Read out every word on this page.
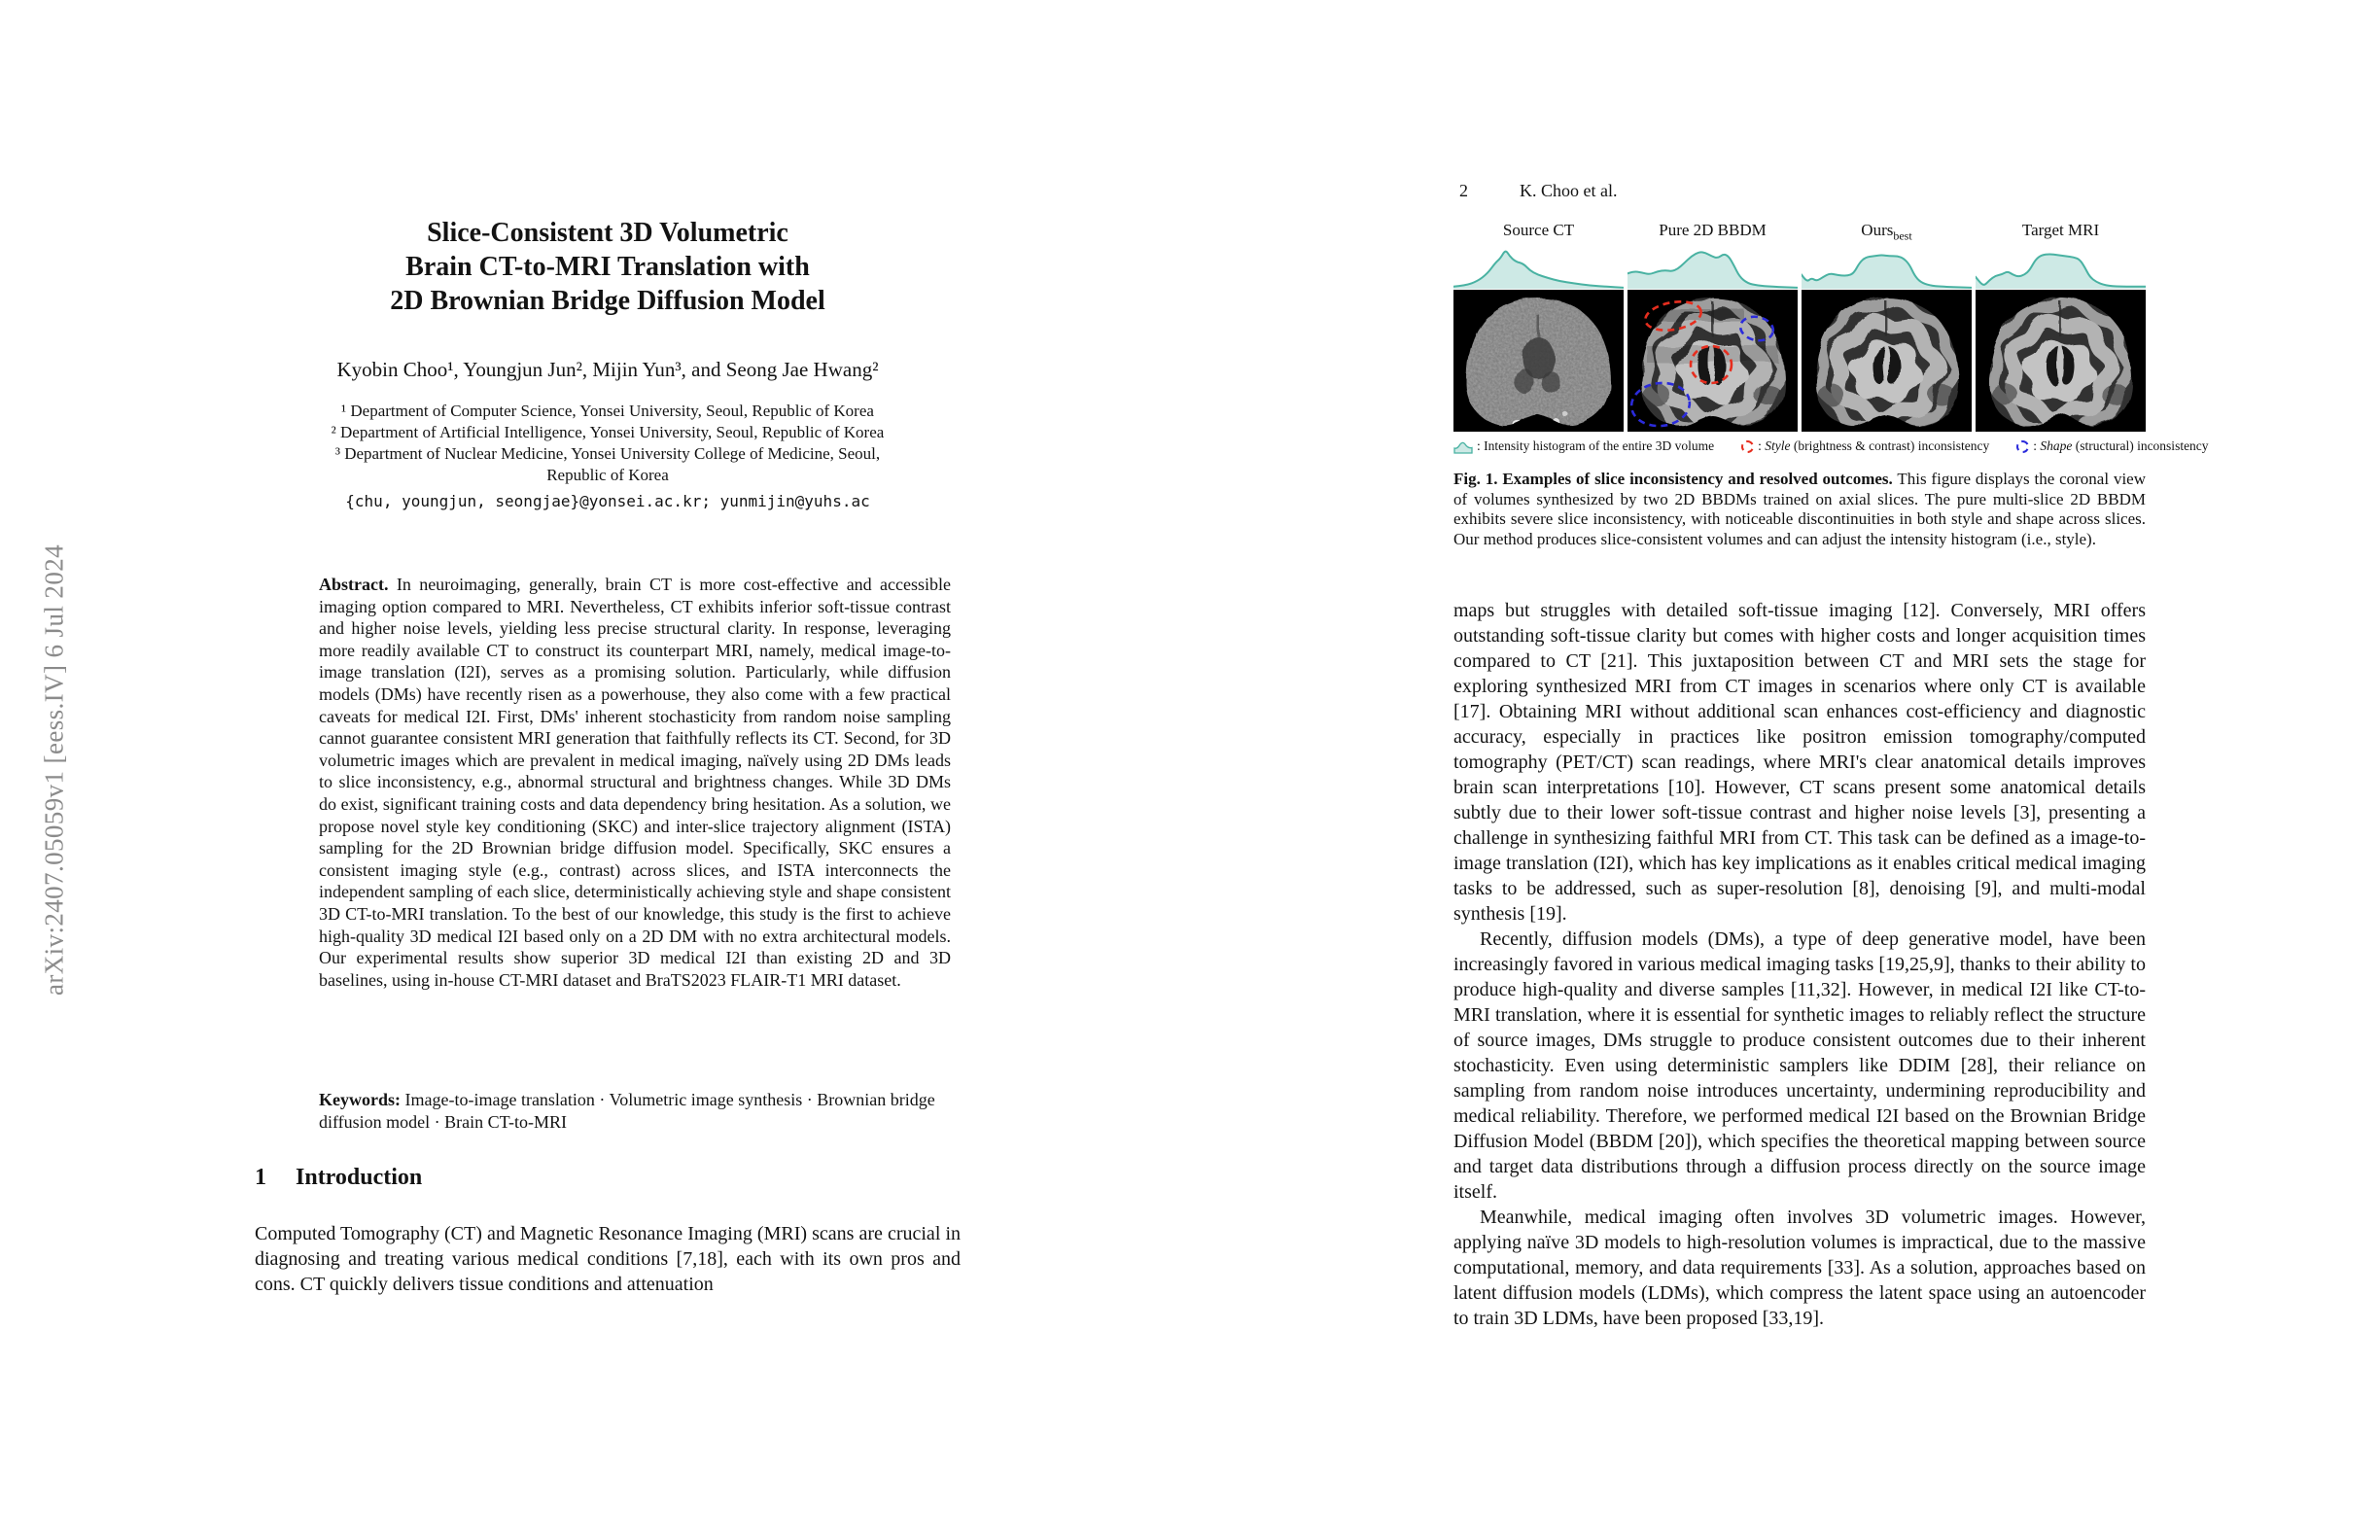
arXiv:2407.05059v1 [eess.IV] 6 Jul 2024
Slice-Consistent 3D Volumetric
Brain CT-to-MRI Translation with
2D Brownian Bridge Diffusion Model
Kyobin Choo¹, Youngjun Jun², Mijin Yun³, and Seong Jae Hwang²
¹ Department of Computer Science, Yonsei University, Seoul, Republic of Korea
² Department of Artificial Intelligence, Yonsei University, Seoul, Republic of Korea
³ Department of Nuclear Medicine, Yonsei University College of Medicine, Seoul,
Republic of Korea
{chu, youngjun, seongjae}@yonsei.ac.kr; yunmijin@yuhs.ac
Abstract. In neuroimaging, generally, brain CT is more cost-effective and accessible imaging option compared to MRI. Nevertheless, CT exhibits inferior soft-tissue contrast and higher noise levels, yielding less precise structural clarity. In response, leveraging more readily available CT to construct its counterpart MRI, namely, medical image-to-image translation (I2I), serves as a promising solution. Particularly, while diffusion models (DMs) have recently risen as a powerhouse, they also come with a few practical caveats for medical I2I. First, DMs' inherent stochasticity from random noise sampling cannot guarantee consistent MRI generation that faithfully reflects its CT. Second, for 3D volumetric images which are prevalent in medical imaging, naïvely using 2D DMs leads to slice inconsistency, e.g., abnormal structural and brightness changes. While 3D DMs do exist, significant training costs and data dependency bring hesitation. As a solution, we propose novel style key conditioning (SKC) and inter-slice trajectory alignment (ISTA) sampling for the 2D Brownian bridge diffusion model. Specifically, SKC ensures a consistent imaging style (e.g., contrast) across slices, and ISTA interconnects the independent sampling of each slice, deterministically achieving style and shape consistent 3D CT-to-MRI translation. To the best of our knowledge, this study is the first to achieve high-quality 3D medical I2I based only on a 2D DM with no extra architectural models. Our experimental results show superior 3D medical I2I than existing 2D and 3D baselines, using in-house CT-MRI dataset and BraTS2023 FLAIR-T1 MRI dataset.
Keywords: Image-to-image translation · Volumetric image synthesis · Brownian bridge diffusion model · Brain CT-to-MRI
1 Introduction
Computed Tomography (CT) and Magnetic Resonance Imaging (MRI) scans are crucial in diagnosing and treating various medical conditions [7,18], each with its own pros and cons. CT quickly delivers tissue conditions and attenuation
2	K. Choo et al.
Source CT	Pure 2D BBDM	Ours$_{best}$	Target MRI
: Intensity histogram of the entire 3D volume	: Style (brightness & contrast) inconsistency	: Shape (structural) inconsistency
Fig. 1. Examples of slice inconsistency and resolved outcomes. This figure displays the coronal view of volumes synthesized by two 2D BBDMs trained on axial slices. The pure multi-slice 2D BBDM exhibits severe slice inconsistency, with noticeable discontinuities in both style and shape across slices. Our method produces slice-consistent volumes and can adjust the intensity histogram (i.e., style).

maps but struggles with detailed soft-tissue imaging [12]. Conversely, MRI offers outstanding soft-tissue clarity but comes with higher costs and longer acquisition times compared to CT [21]. This juxtaposition between CT and MRI sets the stage for exploring synthesized MRI from CT images in scenarios where only CT is available [17]. Obtaining MRI without additional scan enhances cost-efficiency and diagnostic accuracy, especially in practices like positron emission tomography/computed tomography (PET/CT) scan readings, where MRI's clear anatomical details improves brain scan interpretations [10]. However, CT scans present some anatomical details subtly due to their lower soft-tissue contrast and higher noise levels [3], presenting a challenge in synthesizing faithful MRI from CT. This task can be defined as a image-to-image translation (I2I), which has key implications as it enables critical medical imaging tasks to be addressed, such as super-resolution [8], denoising [9], and multi-modal synthesis [19].

Recently, diffusion models (DMs), a type of deep generative model, have been increasingly favored in various medical imaging tasks [19,25,9], thanks to their ability to produce high-quality and diverse samples [11,32]. However, in medical I2I like CT-to-MRI translation, where it is essential for synthetic images to reliably reflect the structure of source images, DMs struggle to produce consistent outcomes due to their inherent stochasticity. Even using deterministic samplers like DDIM [28], their reliance on sampling from random noise introduces uncertainty, undermining reproducibility and medical reliability. Therefore, we performed medical I2I based on the Brownian Bridge Diffusion Model (BBDM [20]), which specifies the theoretical mapping between source and target data distributions through a diffusion process directly on the source image itself.

Meanwhile, medical imaging often involves 3D volumetric images. However, applying naïve 3D models to high-resolution volumes is impractical, due to the massive computational, memory, and data requirements [33]. As a solution, approaches based on latent diffusion models (LDMs), which compress the latent space using an autoencoder to train 3D LDMs, have been proposed [33,19].
